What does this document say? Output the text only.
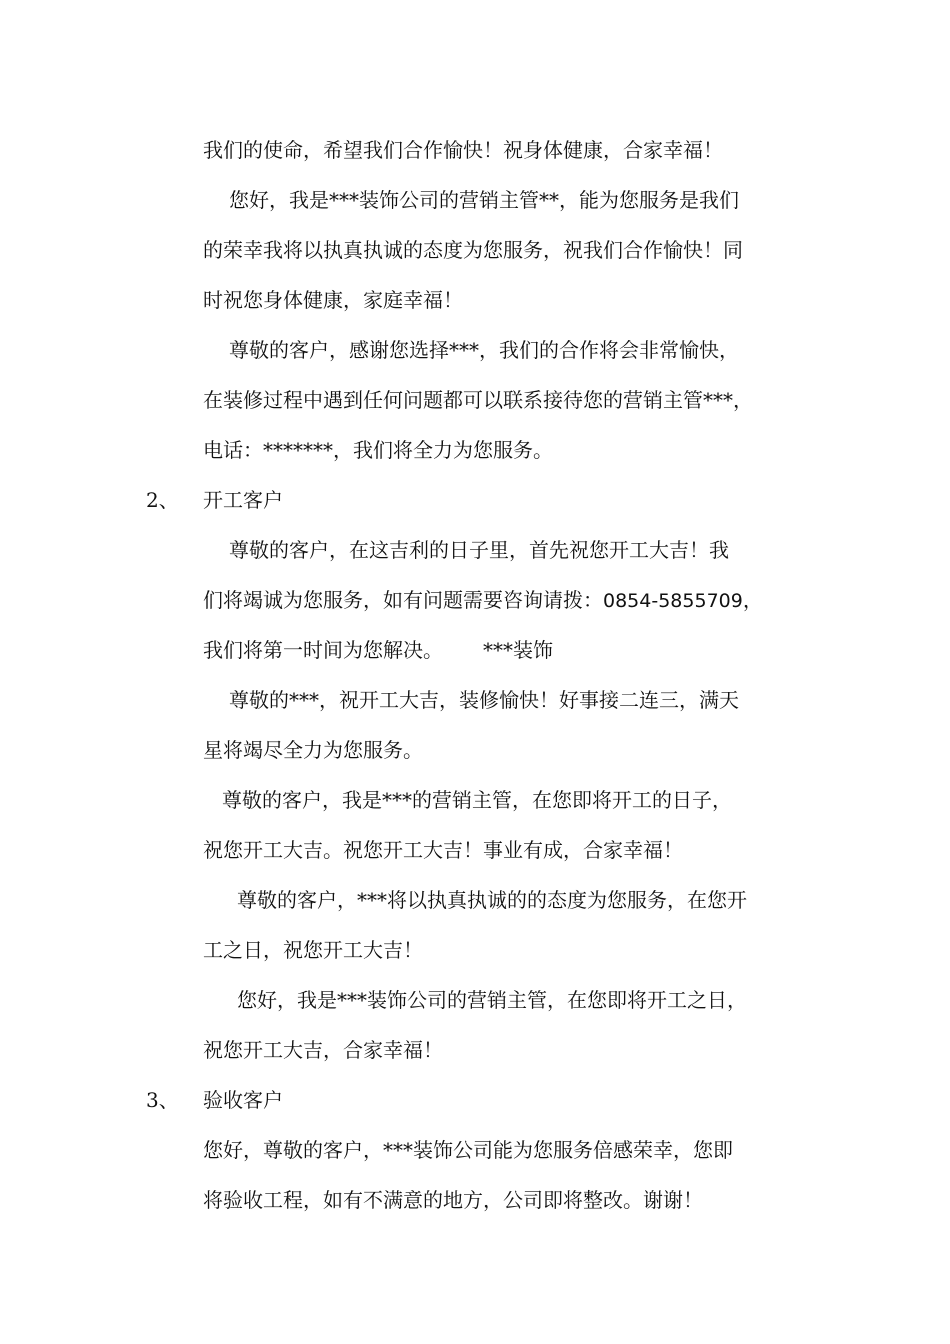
我们的使命，希望我们合作愉快！祝身体健康，合家幸福！
您好，我是***装饰公司的营销主管**，能为您服务是我们
的荣幸我将以执真执诚的态度为您服务，祝我们合作愉快！同
时祝您身体健康，家庭幸福！
尊敬的客户，感谢您选择***，我们的合作将会非常愉快，
在装修过程中遇到任何问题都可以联系接待您的营销主管***，
电话：*******，我们将全力为您服务。
2、 开工客户
尊敬的客户，在这吉利的日子里，首先祝您开工大吉！我
们将竭诚为您服务，如有问题需要咨询请拨：0854-5855709，
我们将第一时间为您解决。 ***装饰
尊敬的***，祝开工大吉，装修愉快！好事接二连三，满天
星将竭尽全力为您服务。
尊敬的客户，我是***的营销主管，在您即将开工的日子，
祝您开工大吉。祝您开工大吉！事业有成，合家幸福！
尊敬的客户，***将以执真执诚的的态度为您服务，在您开
工之日，祝您开工大吉！
您好，我是***装饰公司的营销主管，在您即将开工之日，
祝您开工大吉，合家幸福！
3、 验收客户
您好，尊敬的客户，***装饰公司能为您服务倍感荣幸，您即
将验收工程，如有不满意的地方，公司即将整改。谢谢！
